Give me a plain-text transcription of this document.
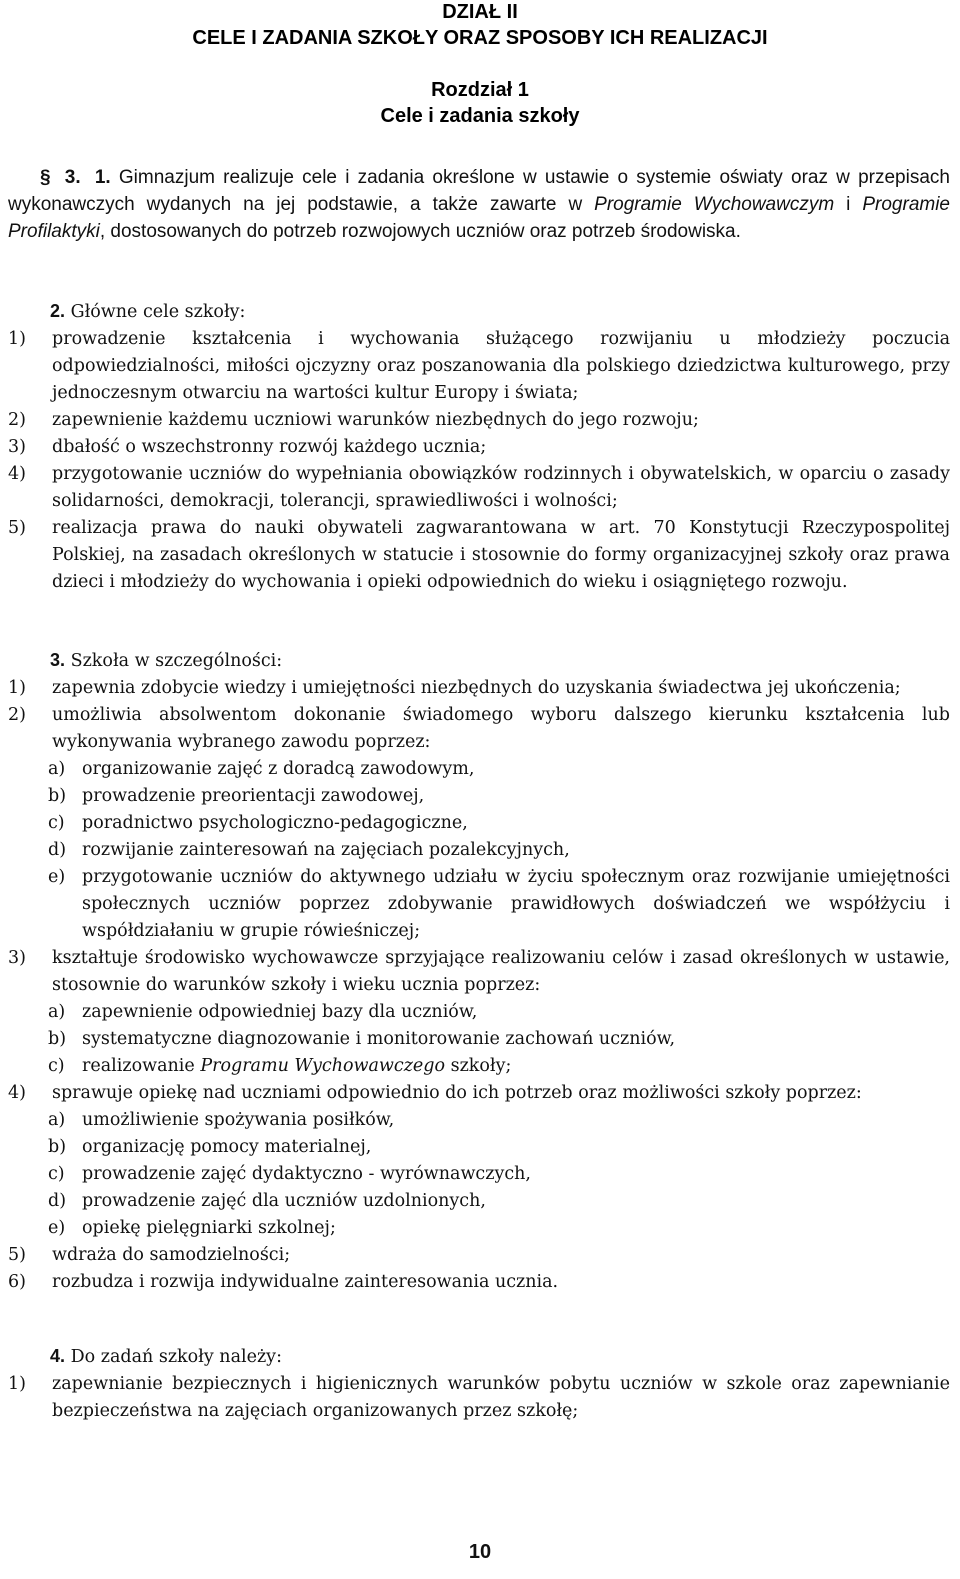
DZIAŁ II
CELE I ZADANIA SZKOŁY ORAZ SPOSOBY ICH REALIZACJI
Rozdział 1
Cele i zadania szkoły

§ 3. 1. Gimnazjum realizuje cele i zadania określone w ustawie o systemie oświaty oraz w przepisach wykonawczych wydanych na jej podstawie, a także zawarte w Programie Wychowawczym i Programie Profilaktyki, dostosowanych do potrzeb rozwojowych uczniów oraz potrzeb środowiska.

2. Główne cele szkoły:
1) prowadzenie kształcenia i wychowania służącego rozwijaniu u młodzieży poczucia odpowiedzialności, miłości ojczyzny oraz poszanowania dla polskiego dziedzictwa kulturowego, przy jednoczesnym otwarciu na wartości kultur Europy i świata;
2) zapewnienie każdemu uczniowi warunków niezbędnych do jego rozwoju;
3) dbałość o wszechstronny rozwój każdego ucznia;
4) przygotowanie uczniów do wypełniania obowiązków rodzinnych i obywatelskich, w oparciu o zasady solidarności, demokracji, tolerancji, sprawiedliwości i wolności;
5) realizacja prawa do nauki obywateli zagwarantowana w art. 70 Konstytucji Rzeczypospolitej Polskiej, na zasadach określonych w statucie i stosownie do formy organizacyjnej szkoły oraz prawa dzieci i młodzieży do wychowania i opieki odpowiednich do wieku i osiągniętego rozwoju.
3. Szkoła w szczególności:
1) zapewnia zdobycie wiedzy i umiejętności niezbędnych do uzyskania świadectwa jej ukończenia;
2) umożliwia absolwentom dokonanie świadomego wyboru dalszego kierunku kształcenia lub wykonywania wybranego zawodu poprzez:
a) organizowanie zajęć z doradcą zawodowym,
b) prowadzenie preorientacji zawodowej,
c) poradnictwo psychologiczno-pedagogiczne,
d) rozwijanie zainteresowań na zajęciach pozalekcyjnych,
e) przygotowanie uczniów do aktywnego udziału w życiu społecznym oraz rozwijanie umiejętności społecznych uczniów poprzez zdobywanie prawidłowych doświadczeń we współżyciu i współdziałaniu w grupie rówieśniczej;
3) kształtuje środowisko wychowawcze sprzyjające realizowaniu celów i zasad określonych w ustawie, stosownie do warunków szkoły i wieku ucznia poprzez:
a) zapewnienie odpowiedniej bazy dla uczniów,
b) systematyczne diagnozowanie i monitorowanie zachowań uczniów,
c) realizowanie Programu Wychowawczego szkoły;
4) sprawuje opiekę nad uczniami odpowiednio do ich potrzeb oraz możliwości szkoły poprzez:
a) umożliwienie spożywania posiłków,
b) organizację pomocy materialnej,
c) prowadzenie zajęć dydaktyczno - wyrównawczych,
d) prowadzenie zajęć dla uczniów uzdolnionych,
e) opiekę pielęgniarki szkolnej;
5) wdraża do samodzielności;
6) rozbudza i rozwija indywidualne zainteresowania ucznia.
4. Do zadań szkoły należy:
1) zapewnianie bezpiecznych i higienicznych warunków pobytu uczniów w szkole oraz zapewnianie bezpieczeństwa na zajęciach organizowanych przez szkołę;
10
